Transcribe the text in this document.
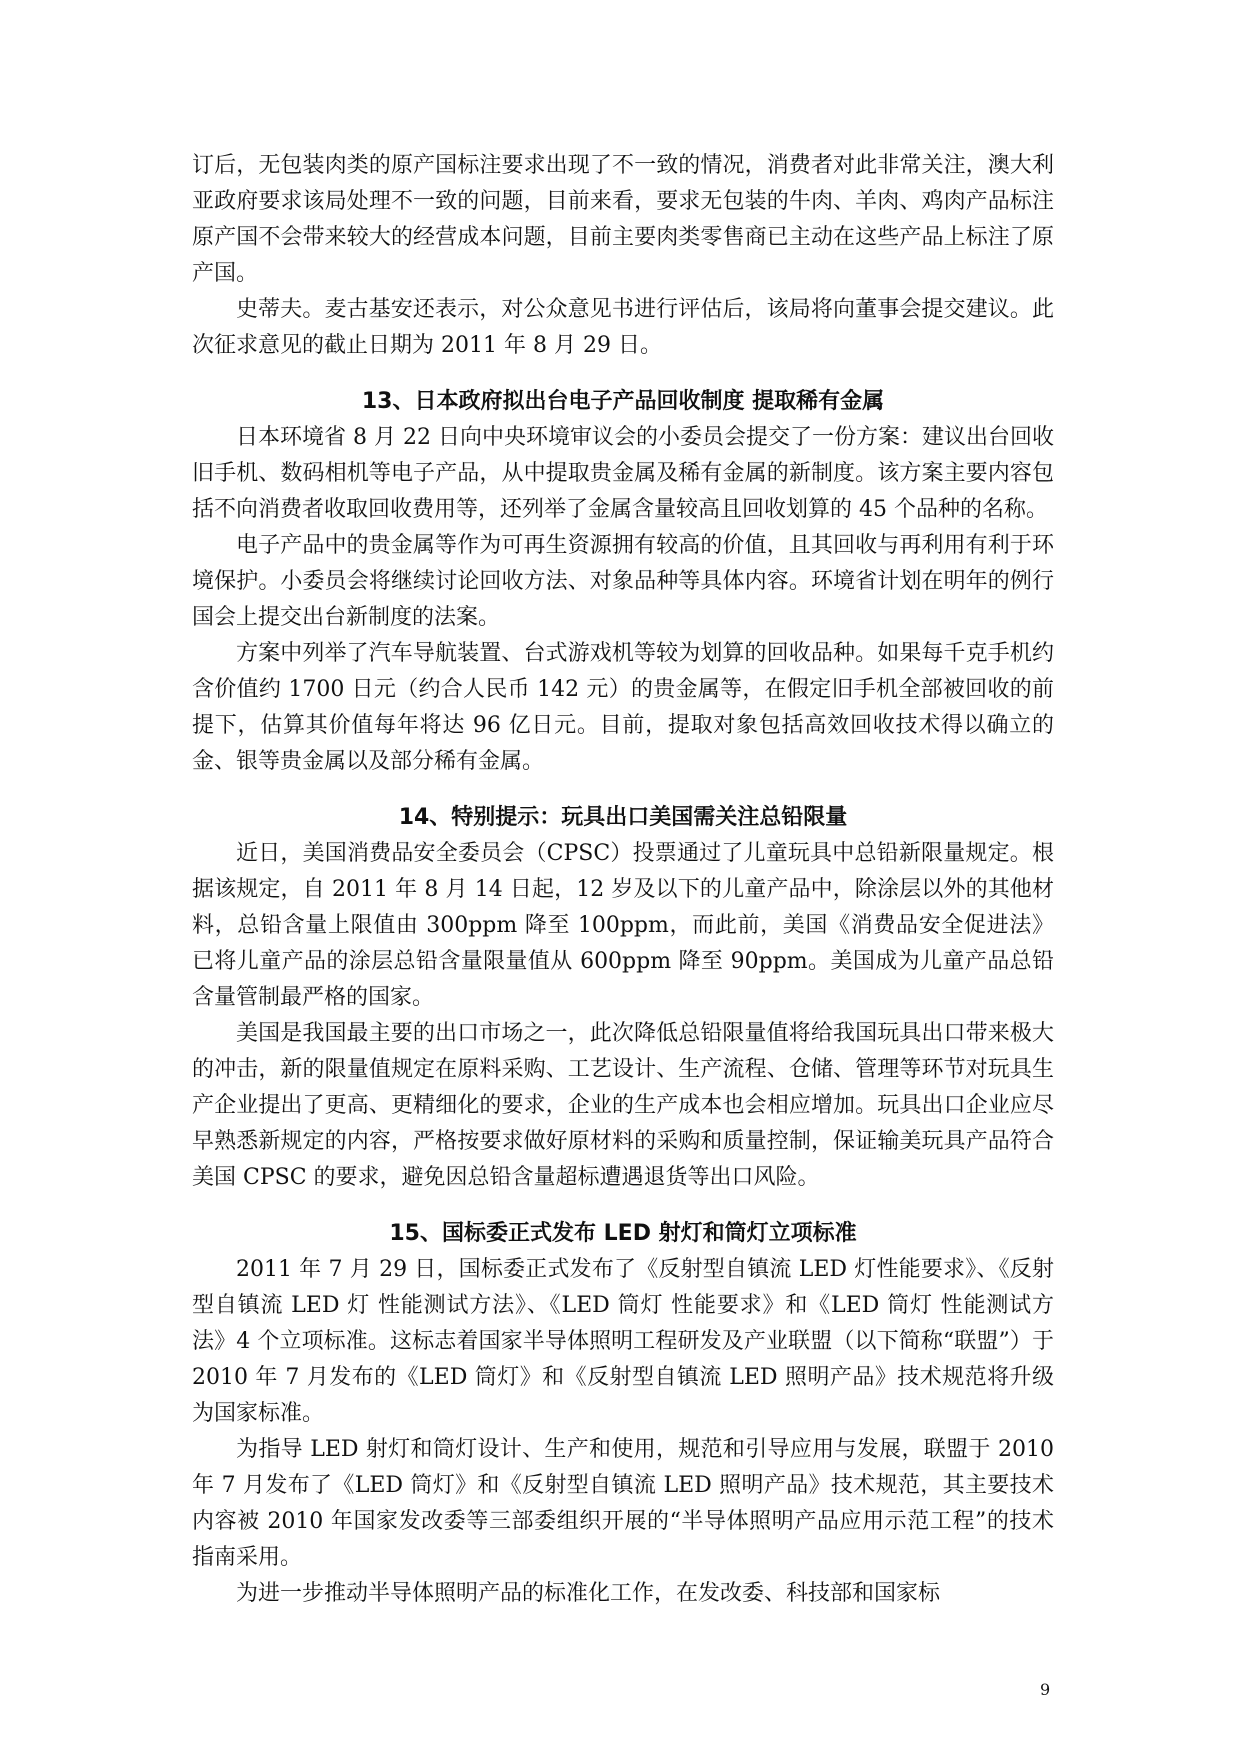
订后，无包装肉类的原产国标注要求出现了不一致的情况，消费者对此非常关注，澳大利亚政府要求该局处理不一致的问题，目前来看，要求无包装的牛肉、羊肉、鸡肉产品标注原产国不会带来较大的经营成本问题，目前主要肉类零售商已主动在这些产品上标注了原产国。

史蒂夫。麦古基安还表示，对公众意见书进行评估后，该局将向董事会提交建议。此次征求意见的截止日期为 2011 年 8 月 29 日。

13、日本政府拟出台电子产品回收制度 提取稀有金属

日本环境省 8 月 22 日向中央环境审议会的小委员会提交了一份方案：建议出台回收旧手机、数码相机等电子产品，从中提取贵金属及稀有金属的新制度。该方案主要内容包括不向消费者收取回收费用等，还列举了金属含量较高且回收划算的 45 个品种的名称。

电子产品中的贵金属等作为可再生资源拥有较高的价值，且其回收与再利用有利于环境保护。小委员会将继续讨论回收方法、对象品种等具体内容。环境省计划在明年的例行国会上提交出台新制度的法案。

方案中列举了汽车导航装置、台式游戏机等较为划算的回收品种。如果每千克手机约含价值约 1700 日元（约合人民币 142 元）的贵金属等，在假定旧手机全部被回收的前提下，估算其价值每年将达 96 亿日元。目前，提取对象包括高效回收技术得以确立的金、银等贵金属以及部分稀有金属。

14、特别提示：玩具出口美国需关注总铅限量

近日，美国消费品安全委员会（CPSC）投票通过了儿童玩具中总铅新限量规定。根据该规定，自 2011 年 8 月 14 日起，12 岁及以下的儿童产品中，除涂层以外的其他材料，总铅含量上限值由 300ppm 降至 100ppm，而此前，美国《消费品安全促进法》已将儿童产品的涂层总铅含量限量值从 600ppm 降至 90ppm。美国成为儿童产品总铅含量管制最严格的国家。

美国是我国最主要的出口市场之一，此次降低总铅限量值将给我国玩具出口带来极大的冲击，新的限量值规定在原料采购、工艺设计、生产流程、仓储、管理等环节对玩具生产企业提出了更高、更精细化的要求，企业的生产成本也会相应增加。玩具出口企业应尽早熟悉新规定的内容，严格按要求做好原材料的采购和质量控制，保证输美玩具产品符合美国 CPSC 的要求，避免因总铅含量超标遭遇退货等出口风险。

15、国标委正式发布 LED 射灯和筒灯立项标准

2011 年 7 月 29 日，国标委正式发布了《反射型自镇流 LED 灯性能要求》、《反射型自镇流 LED 灯 性能测试方法》、《LED 筒灯 性能要求》和《LED 筒灯 性能测试方法》4 个立项标准。这标志着国家半导体照明工程研发及产业联盟（以下简称“联盟”）于 2010 年 7 月发布的《LED 筒灯》和《反射型自镇流 LED 照明产品》技术规范将升级为国家标准。

为指导 LED 射灯和筒灯设计、生产和使用，规范和引导应用与发展，联盟于 2010 年 7 月发布了《LED 筒灯》和《反射型自镇流 LED 照明产品》技术规范，其主要技术内容被 2010 年国家发改委等三部委组织开展的“半导体照明产品应用示范工程”的技术指南采用。

为进一步推动半导体照明产品的标准化工作，在发改委、科技部和国家标

9
